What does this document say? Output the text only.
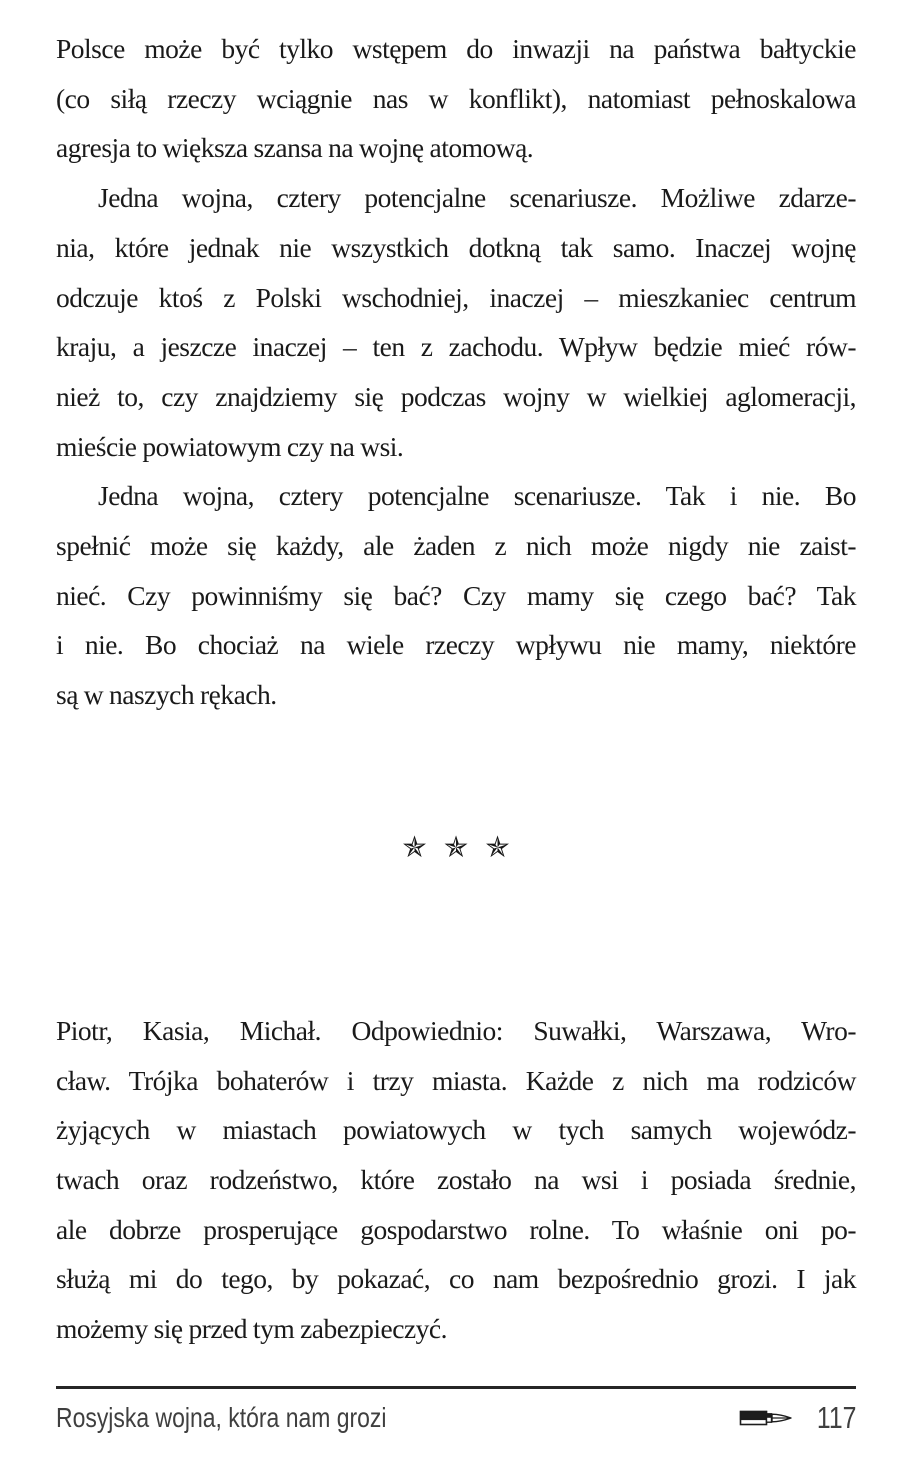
Polsce może być tylko wstępem do inwazji na państwa bałtyckie
(co siłą rzeczy wciągnie nas w konflikt), natomiast pełnoskalowa
agresja to większa szansa na wojnę atomową.
Jedna wojna, cztery potencjalne scenariusze. Możliwe zdarze-
nia, które jednak nie wszystkich dotkną tak samo. Inaczej wojnę
odczuje ktoś z Polski wschodniej, inaczej – mieszkaniec centrum
kraju, a jeszcze inaczej – ten z zachodu. Wpływ będzie mieć rów-
nież to, czy znajdziemy się podczas wojny w wielkiej aglomeracji,
mieście powiatowym czy na wsi.
Jedna wojna, cztery potencjalne scenariusze. Tak i nie. Bo
spełnić może się każdy, ale żaden z nich może nigdy nie zaist-
nieć. Czy powinniśmy się bać? Czy mamy się czego bać? Tak
i nie. Bo chociaż na wiele rzeczy wpływu nie mamy, niektóre
są w naszych rękach.
✯ ✯ ✯
Piotr, Kasia, Michał. Odpowiednio: Suwałki, Warszawa, Wro-
cław. Trójka bohaterów i trzy miasta. Każde z nich ma rodziców
żyjących w miastach powiatowych w tych samych wojewódz-
twach oraz rodzeństwo, które zostało na wsi i posiada średnie,
ale dobrze prosperujące gospodarstwo rolne. To właśnie oni po-
służą mi do tego, by pokazać, co nam bezpośrednio grozi. I jak
możemy się przed tym zabezpieczyć.
Rosyjska wojna, która nam grozi	117
